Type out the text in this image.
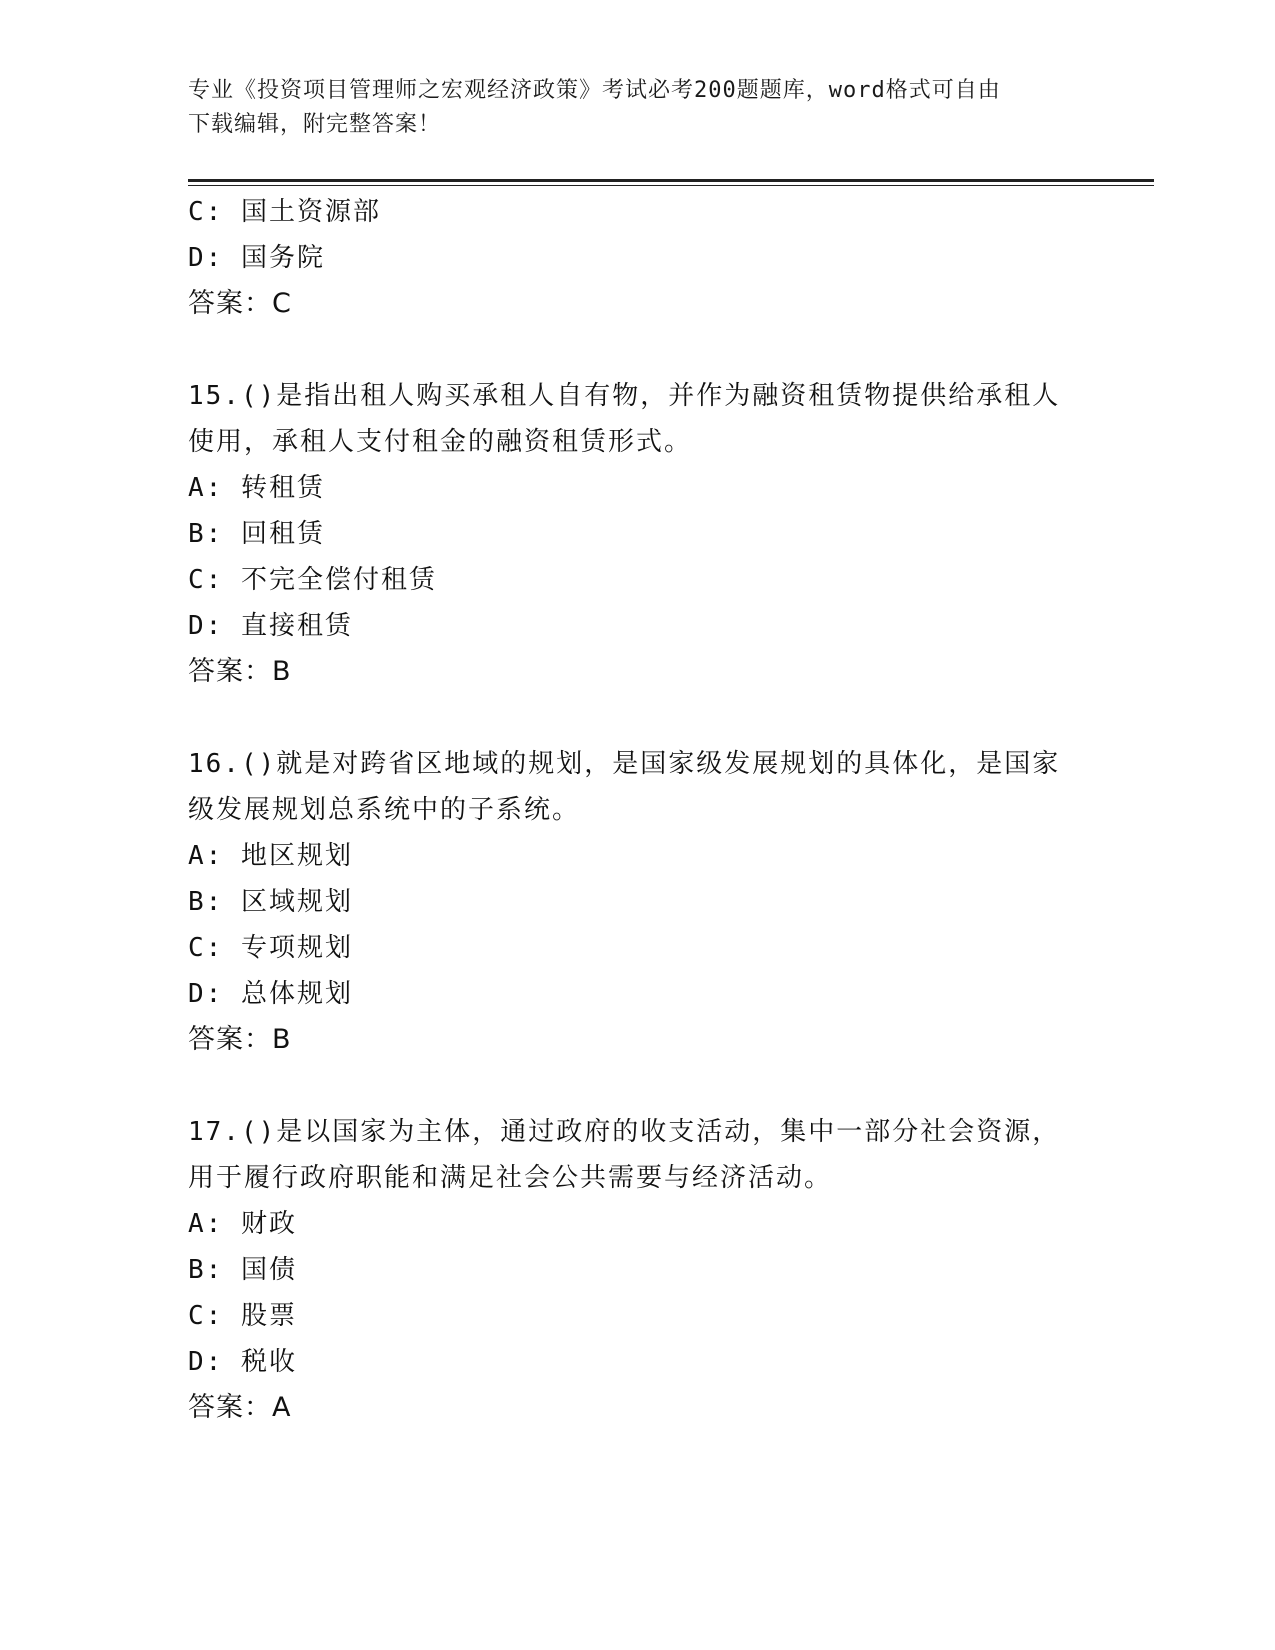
专业《投资项目管理师之宏观经济政策》考试必考200题题库，word格式可自由
下载编辑，附完整答案！
C: 国土资源部
D: 国务院
答案：C
15.()是指出租人购买承租人自有物，并作为融资租赁物提供给承租人
使用，承租人支付租金的融资租赁形式。
A: 转租赁
B: 回租赁
C: 不完全偿付租赁
D: 直接租赁
答案：B
16.()就是对跨省区地域的规划，是国家级发展规划的具体化，是国家
级发展规划总系统中的子系统。
A: 地区规划
B: 区域规划
C: 专项规划
D: 总体规划
答案：B
17.()是以国家为主体，通过政府的收支活动，集中一部分社会资源，
用于履行政府职能和满足社会公共需要与经济活动。
A: 财政
B: 国债
C: 股票
D: 税收
答案：A
